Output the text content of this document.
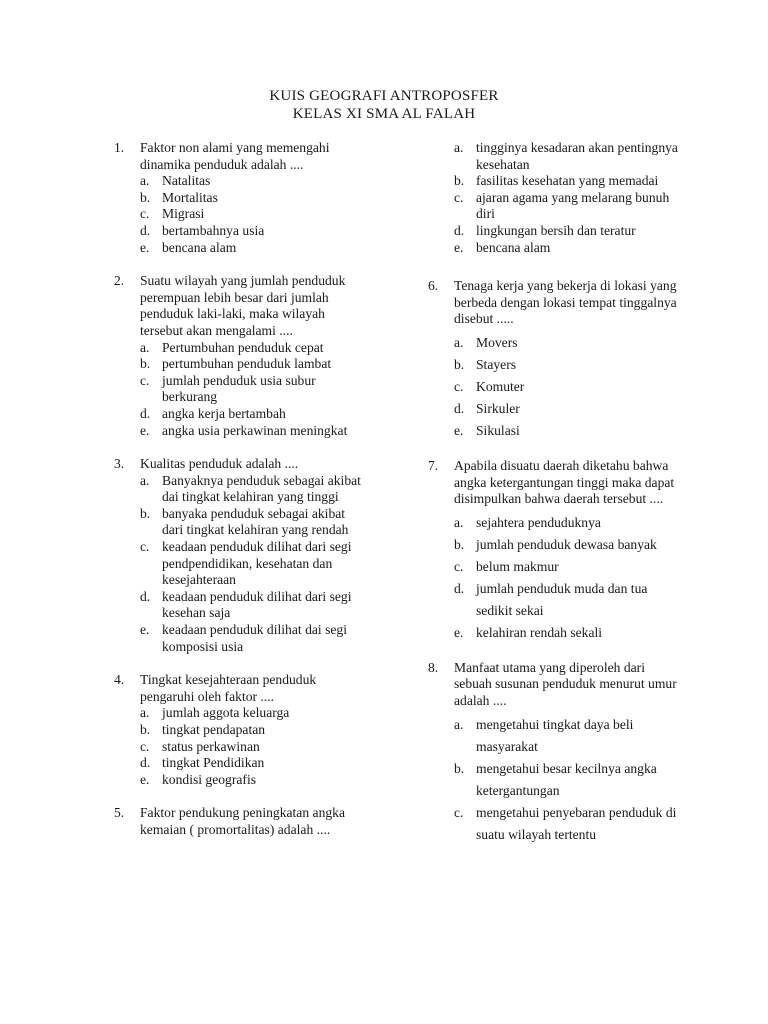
KUIS GEOGRAFI ANTROPOSFER
KELAS XI SMA AL FALAH
1. Faktor non alami yang memengahi dinamika penduduk adalah ....
a. Natalitas
b. Mortalitas
c. Migrasi
d. bertambahnya usia
e. bencana alam
2. Suatu wilayah yang jumlah penduduk perempuan lebih besar dari jumlah penduduk laki-laki, maka wilayah tersebut akan mengalami ....
a. Pertumbuhan penduduk cepat
b. pertumbuhan penduduk lambat
c. jumlah penduduk usia subur berkurang
d. angka kerja bertambah
e. angka usia perkawinan meningkat
3. Kualitas penduduk adalah ....
a. Banyaknya penduduk sebagai akibat dai tingkat kelahiran yang tinggi
b. banyaka penduduk sebagai akibat dari tingkat kelahiran yang rendah
c. keadaan penduduk dilihat dari segi pendpendidikan, kesehatan dan kesejahteraan
d. keadaan penduduk dilihat dari segi kesehan saja
e. keadaan penduduk dilihat dai segi komposisi usia
4. Tingkat kesejahteraan penduduk pengaruhi oleh faktor ....
a. jumlah aggota keluarga
b. tingkat pendapatan
c. status perkawinan
d. tingkat Pendidikan
e. kondisi geografis
5. Faktor pendukung peningkatan angka kemaian ( promortalitas) adalah ....
a. tingginya kesadaran akan pentingnya kesehatan
b. fasilitas kesehatan yang memadai
c. ajaran agama yang melarang bunuh diri
d. lingkungan bersih dan teratur
e. bencana alam
6. Tenaga kerja yang bekerja di lokasi yang berbeda dengan lokasi tempat tinggalnya disebut .....
a. Movers
b. Stayers
c. Komuter
d. Sirkuler
e. Sikulasi
7. Apabila disuatu daerah diketahu bahwa angka ketergantungan tinggi maka dapat disimpulkan bahwa daerah tersebut ....
a. sejahtera penduduknya
b. jumlah penduduk dewasa banyak
c. belum makmur
d. jumlah penduduk muda dan tua sedikit sekai
e. kelahiran rendah sekali
8. Manfaat utama yang diperoleh dari sebuah susunan penduduk menurut umur adalah ....
a. mengetahui tingkat daya beli masyarakat
b. mengetahui besar kecilnya angka ketergantungan
c. mengetahui penyebaran penduduk di suatu wilayah tertentu
